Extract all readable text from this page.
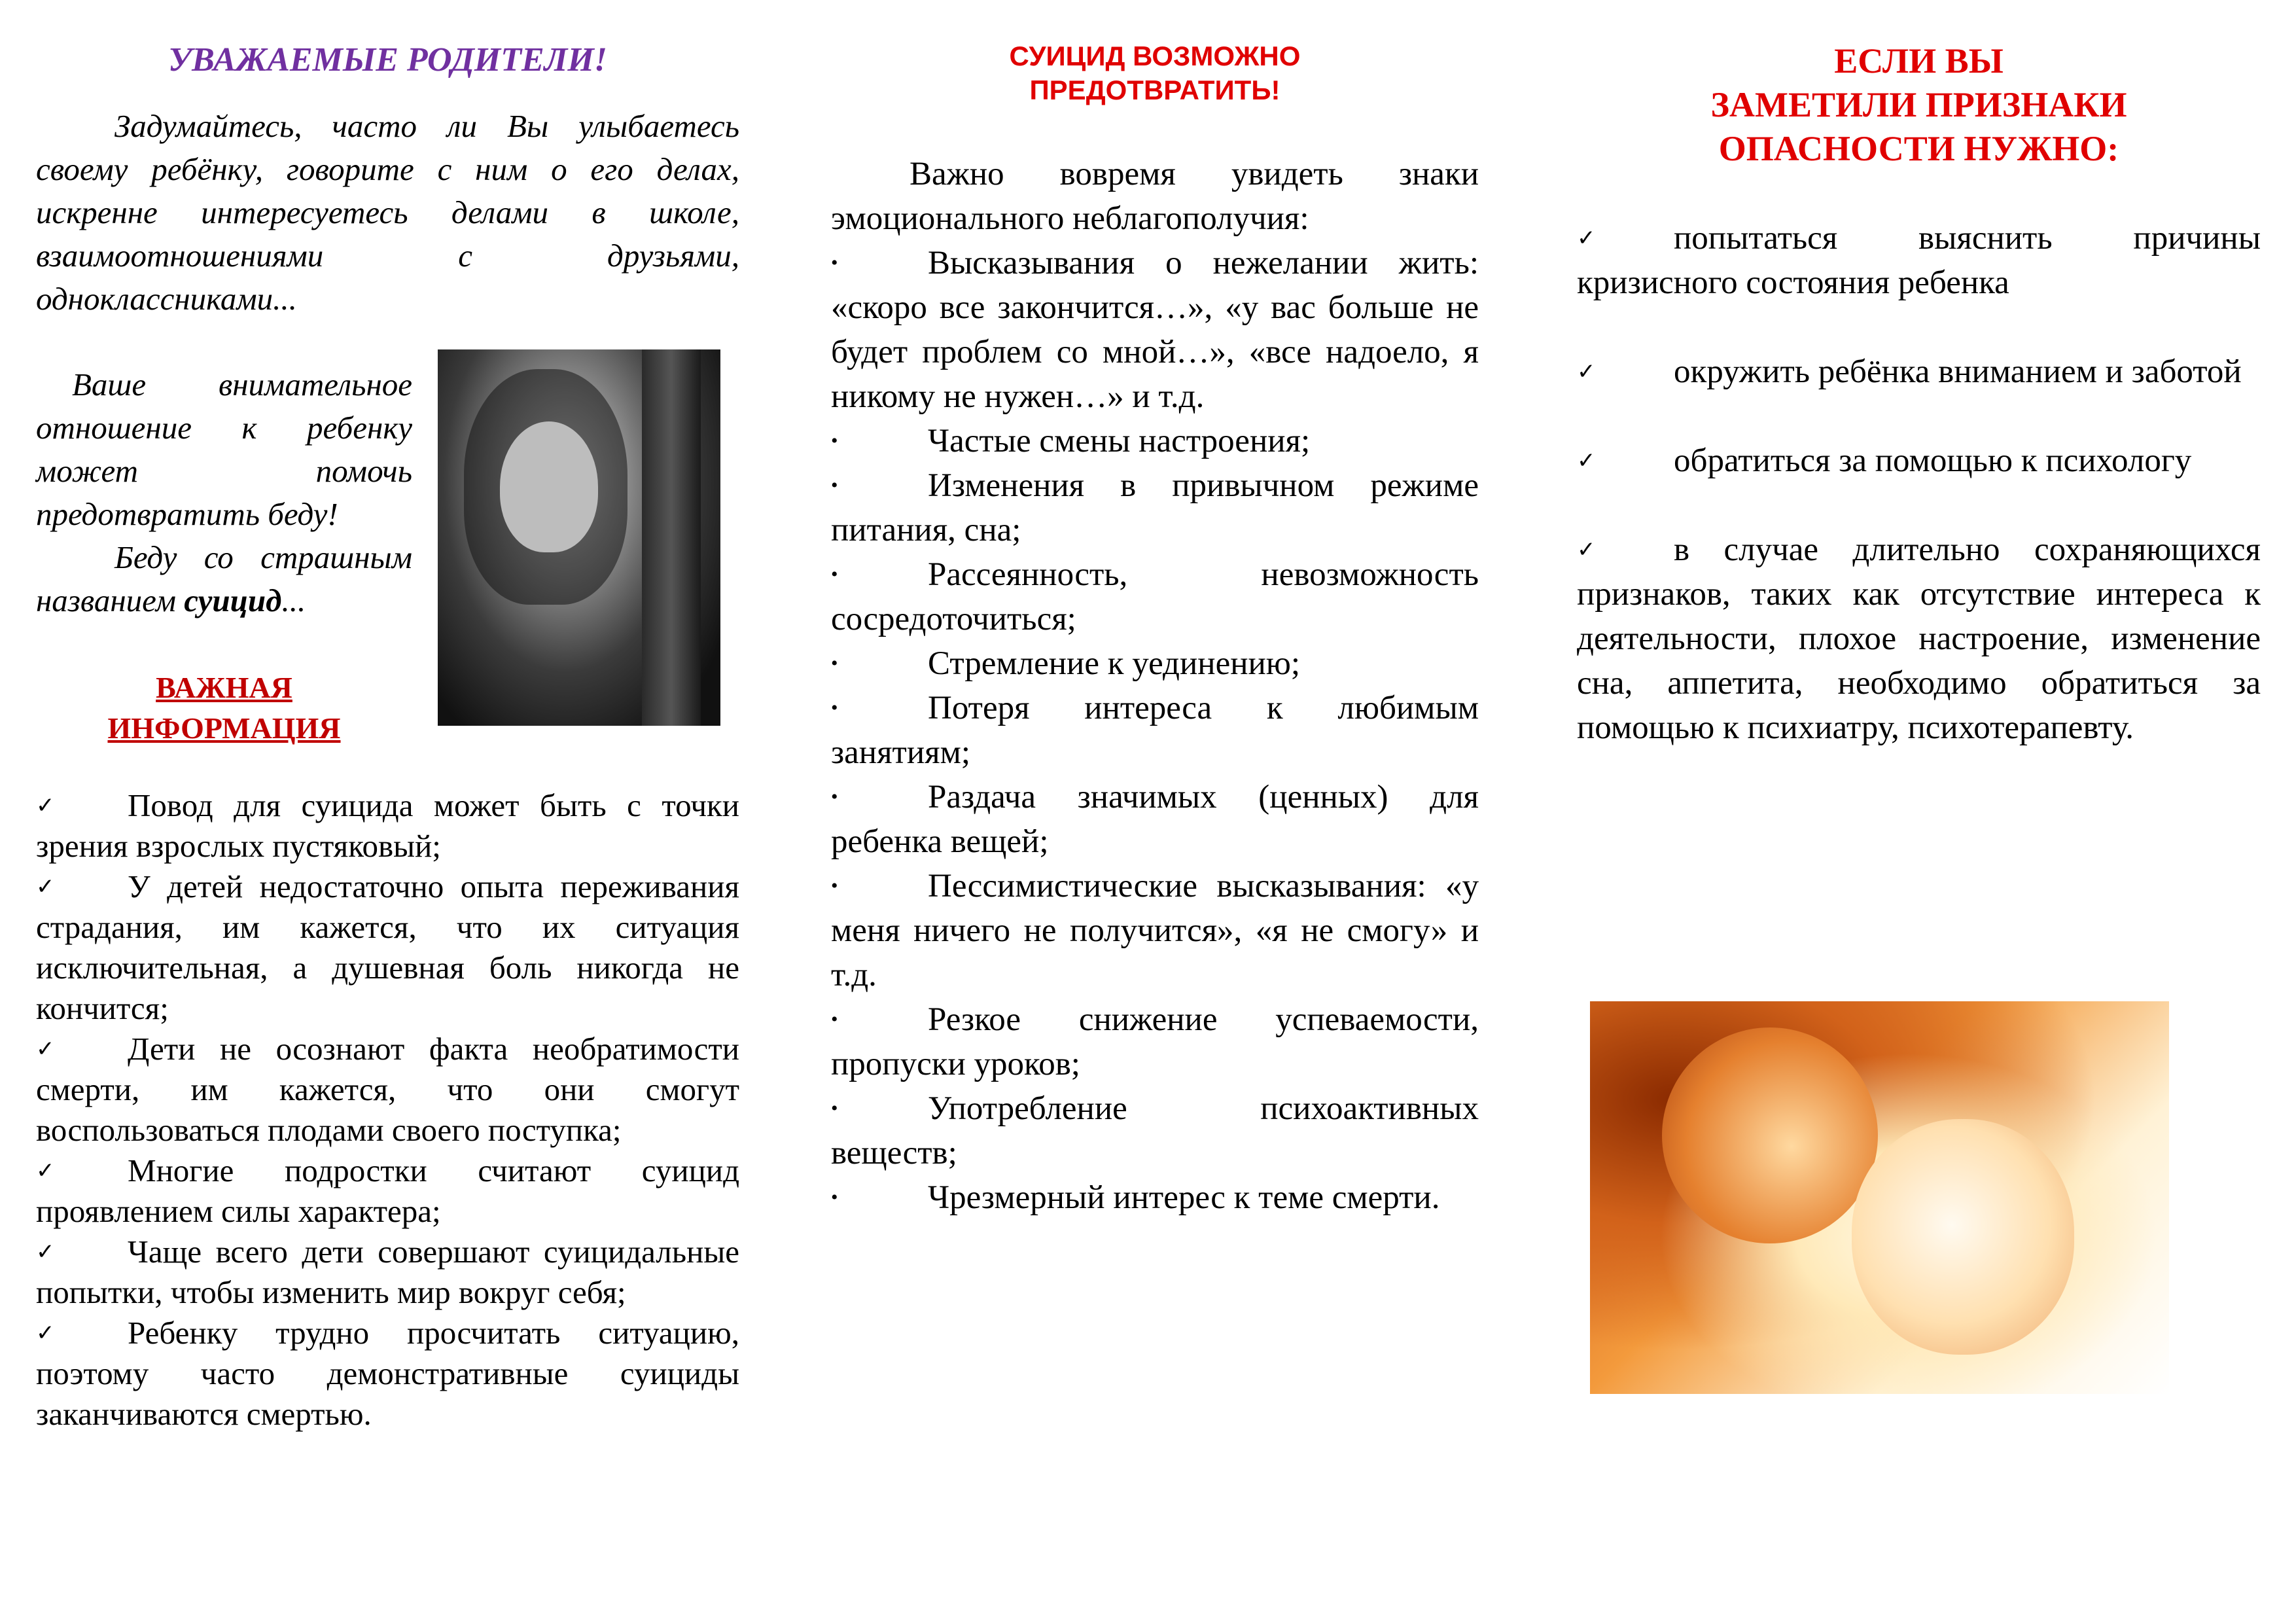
УВАЖАЕМЫЕ РОДИТЕЛИ!
Задумайтесь, часто ли Вы улыбаетесь своему ребёнку, говорите с ним о его делах, искренне интересуетесь делами в школе, взаимоотношениями с друзьями, одноклассниками...
Ваше внимательное отношение к ребенку может помочь предотвратить беду!
Беду со страшным названием суицид...
ВАЖНАЯ
ИНФОРМАЦИЯ
✓ Повод для суицида может быть с точки зрения взрослых пустяковый;
✓ У детей недостаточно опыта переживания страдания, им кажется, что их ситуация исключительная, а душевная боль никогда не кончится;
✓ Дети не осознают факта необратимости смерти, им кажется, что они смогут воспользоваться плодами своего поступка;
✓ Многие подростки считают суицид проявлением силы характера;
✓ Чаще всего дети совершают суицидальные попытки, чтобы изменить мир вокруг себя;
✓ Ребенку трудно просчитать ситуацию, поэтому часто демонстративные суициды заканчиваются смертью.
СУИЦИД ВОЗМОЖНО
ПРЕДОТВРАТИТЬ!
Важно вовремя увидеть знаки эмоционального неблагополучия:
•	Высказывания о нежелании жить: «скоро все закончится…», «у вас больше не будет проблем со мной…», «все надоело, я никому не нужен…» и т.д.
•	Частые смены настроения;
•	Изменения в привычном режиме питания, сна;
•	Рассеянность, невозможность сосредоточиться;
•	Стремление к уединению;
•	Потеря интереса к любимым занятиям;
•	Раздача значимых (ценных) для ребенка вещей;
•	Пессимистические высказывания: «у меня ничего не получится», «я не смогу» и т.д.
•	Резкое снижение успеваемости, пропуски уроков;
•	Употребление психоактивных веществ;
•	Чрезмерный интерес к теме смерти.
ЕСЛИ ВЫ
ЗАМЕТИЛИ ПРИЗНАКИ
ОПАСНОСТИ НУЖНО:
✓ попытаться выяснить причины кризисного состояния ребенка
✓ окружить ребёнка вниманием и заботой
✓ обратиться за помощью к психологу
✓ в случае длительно сохраняющихся признаков, таких как отсутствие интереса к деятельности, плохое настроение, изменение сна, аппетита, необходимо обратиться за помощью к психиатру, психотерапевту.
